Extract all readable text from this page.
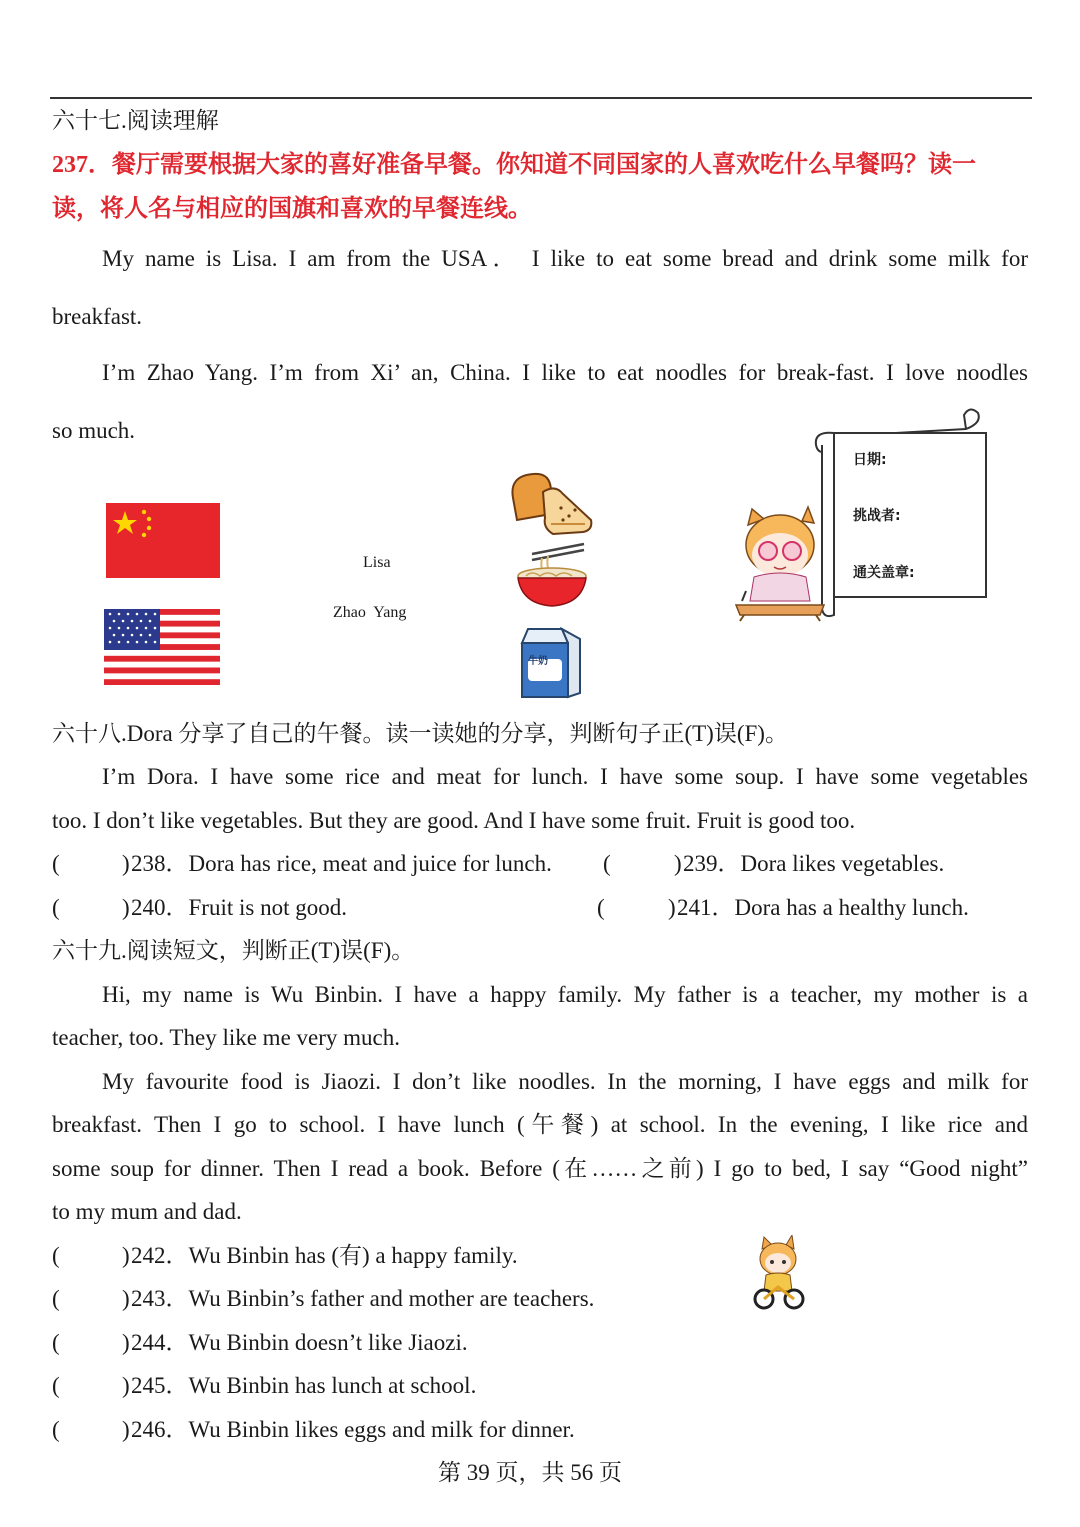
六十七.阅读理解
237．餐厅需要根据大家的喜好准备早餐。你知道不同国家的人喜欢吃什么早餐吗？读一
读，将人名与相应的国旗和喜欢的早餐连线。
My name is Lisa. I am from the USA． I like to eat some bread and drink some milk for
breakfast.
I’m Zhao Yang. I’m from Xi’ an, China. I like to eat noodles for break-fast. I love noodles
so much.
Lisa
Zhao  Yang
牛奶
日期:
挑战者:
通关盖章:
六十八.Dora 分享了自己的午餐。读一读她的分享，判断句子正(T)误(F)。
I’m Dora. I have some rice and meat for lunch. I have some soup. I have some vegetables
too. I don’t like vegetables. But they are good. And I have some fruit. Fruit is good too.
(	) 238．Dora has rice, meat and juice for lunch. (	) 239．Dora likes vegetables.
(	) 240．Fruit is not good.	(	) 241．Dora has a healthy lunch.
六十九.阅读短文，判断正(T)误(F)。
Hi, my name is Wu Binbin. I have a happy family. My father is a teacher, my mother is a
teacher, too. They like me very much.
My favourite food is Jiaozi. I don’t like noodles. In the morning, I have eggs and milk for
breakfast. Then I go to school. I have lunch (午餐) at school. In the evening, I like rice and
some soup for dinner. Then I read a book. Before (在……之前) I go to bed, I say “Good night”
to my mum and dad.
(	) 242．Wu Binbin has (有) a happy family.
(	) 243．Wu Binbin’s father and mother are teachers.
(	) 244．Wu Binbin doesn’t like Jiaozi.
(	) 245．Wu Binbin has lunch at school.
(	) 246．Wu Binbin likes eggs and milk for dinner.
第 39 页，共 56 页
